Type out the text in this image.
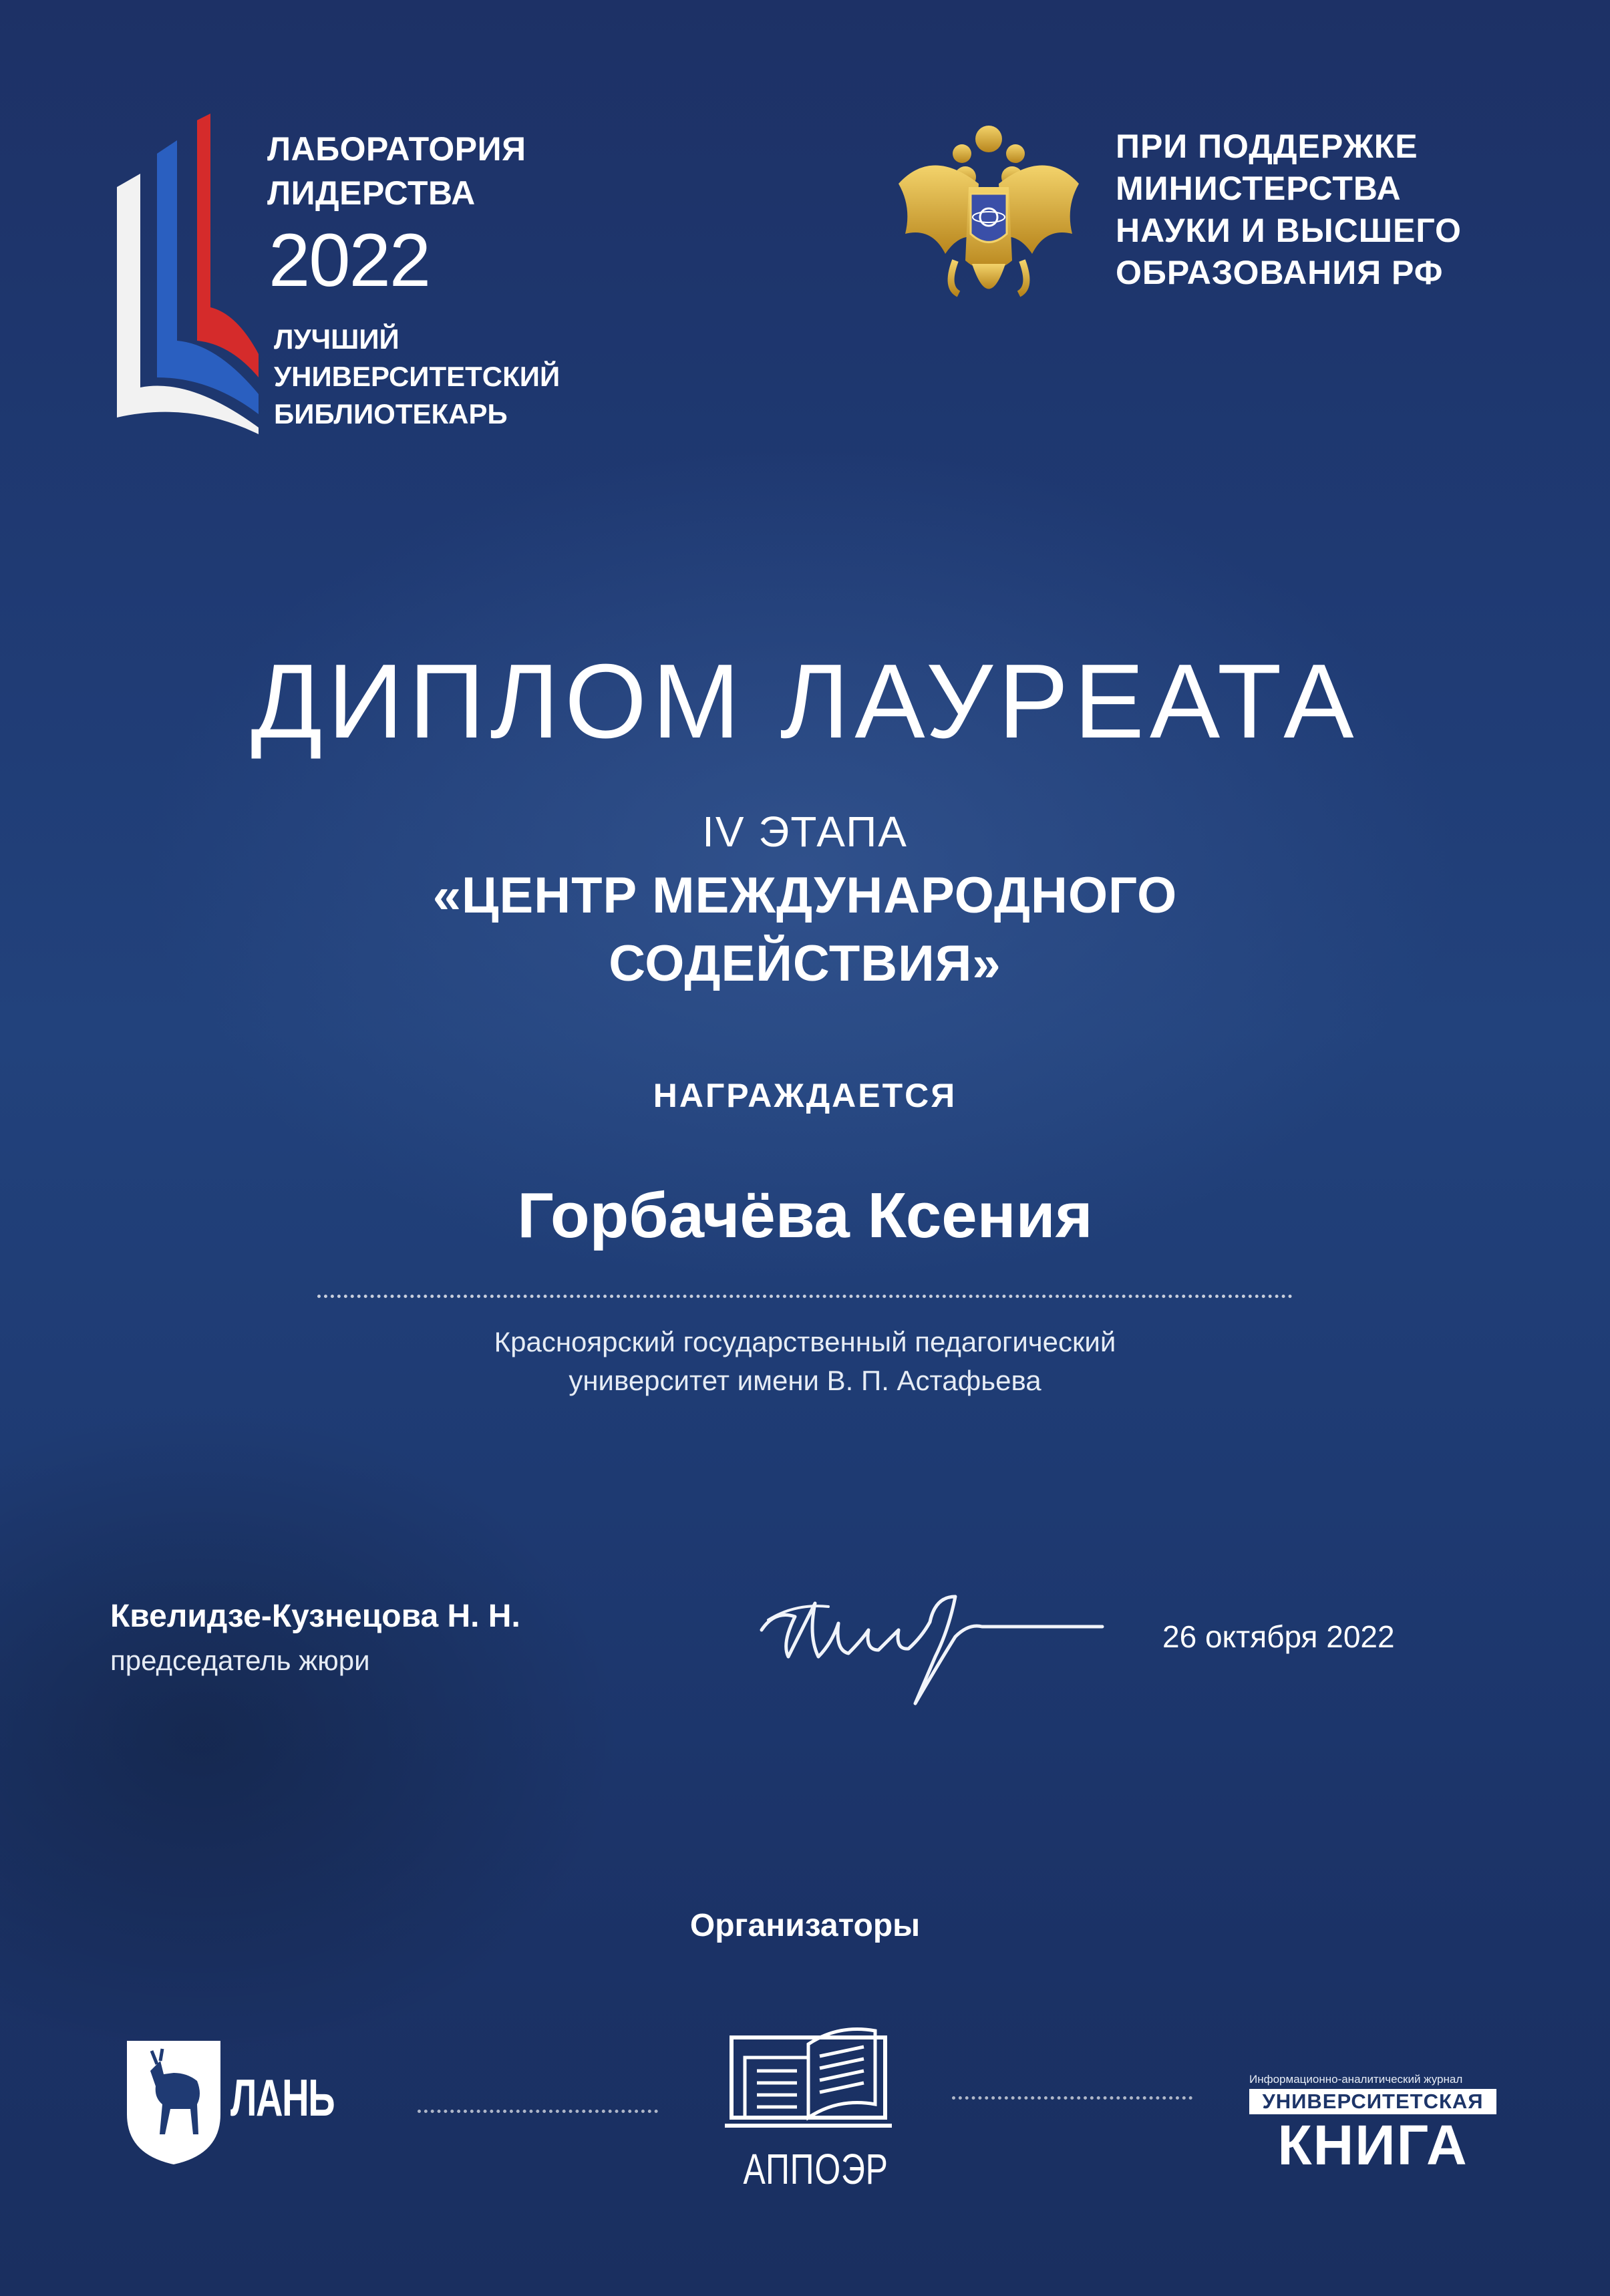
ЛАБОРАТОРИЯ
ЛИДЕРСТВА
2022
ЛУЧШИЙ
УНИВЕРСИТЕТСКИЙ
БИБЛИОТЕКАРЬ
ПРИ ПОДДЕРЖКЕ
МИНИСТЕРСТВА
НАУКИ И ВЫСШЕГО
ОБРАЗОВАНИЯ РФ
ДИПЛОМ ЛАУРЕАТА
IV ЭТАПА
«ЦЕНТР МЕЖДУНАРОДНОГО
СОДЕЙСТВИЯ»
НАГРАЖДАЕТСЯ
Горбачёва Ксения
Красноярский государственный педагогический
университет имени В. П. Астафьева
Квелидзе-Кузнецова Н. Н.
председатель жюри
26 октября 2022
Организаторы
ЛАНЬ
АППОЭР
Информационно-аналитический журнал
УНИВЕРСИТЕТСКАЯ
КНИГА
